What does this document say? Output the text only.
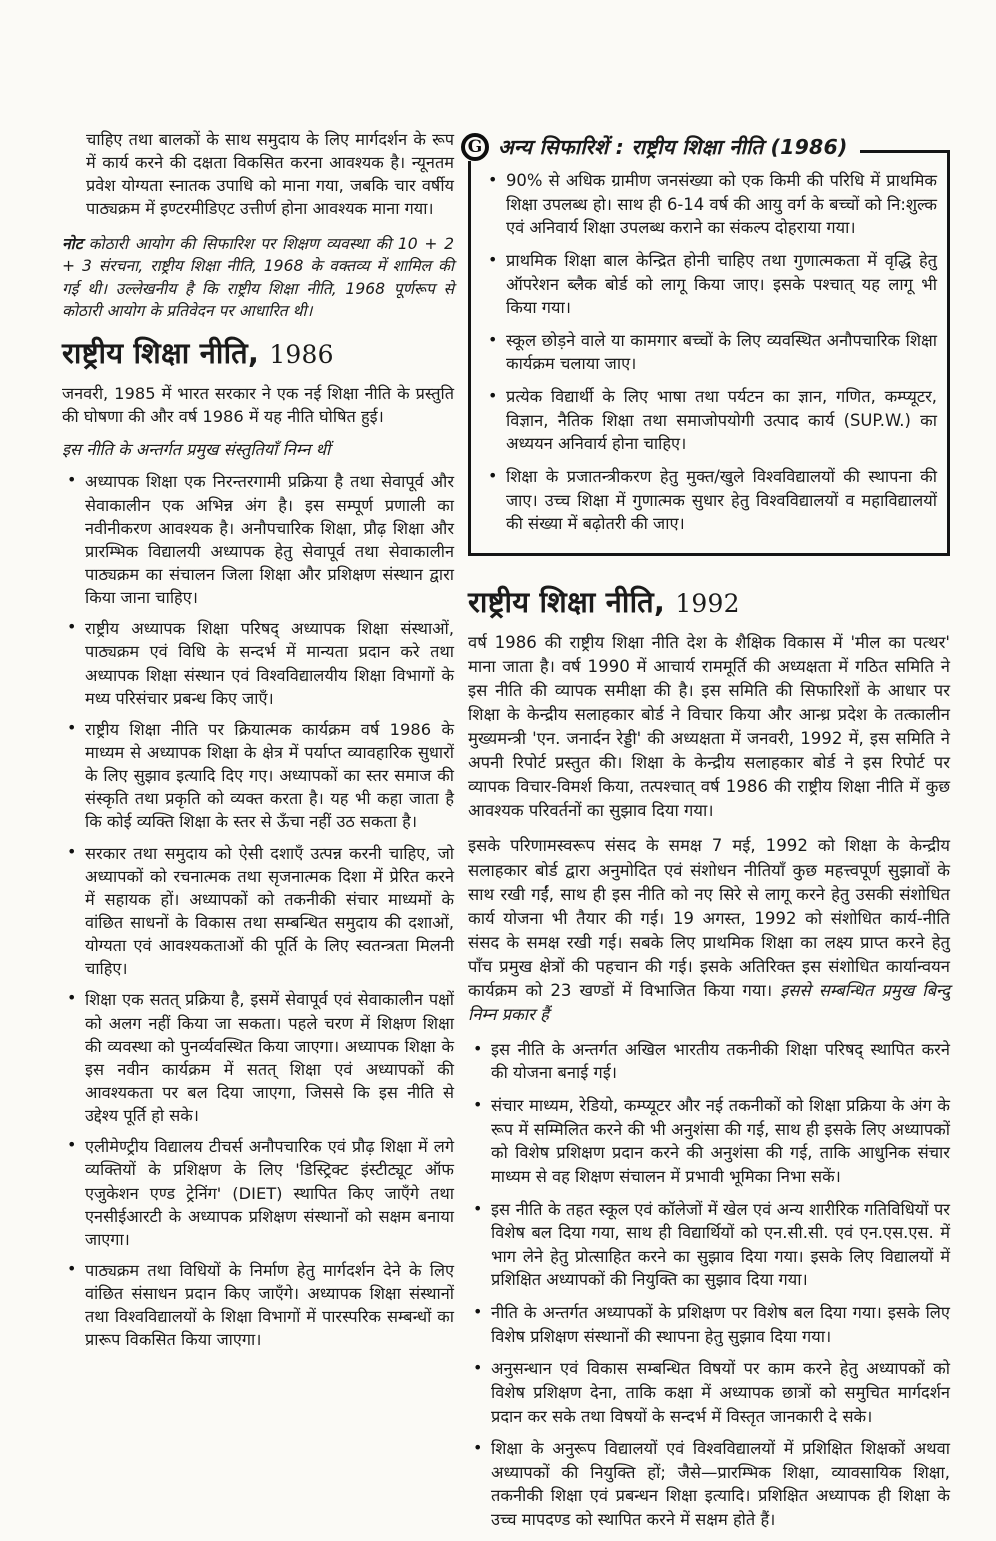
चाहिए तथा बालकों के साथ समुदाय के लिए मार्गदर्शन के रूप में कार्य करने की दक्षता विकसित करना आवश्यक है। न्यूनतम प्रवेश योग्यता स्नातक उपाधि को माना गया, जबकि चार वर्षीय पाठ्यक्रम में इण्टरमीडिएट उत्तीर्ण होना आवश्यक माना गया।

नोट कोठारी आयोग की सिफारिश पर शिक्षण व्यवस्था की 10 + 2 + 3 संरचना, राष्ट्रीय शिक्षा नीति, 1968 के वक्तव्य में शामिल की गई थी। उल्लेखनीय है कि राष्ट्रीय शिक्षा नीति, 1968 पूर्णरूप से कोठारी आयोग के प्रतिवेदन पर आधारित थी।

राष्ट्रीय शिक्षा नीति, 1986

जनवरी, 1985 में भारत सरकार ने एक नई शिक्षा नीति के प्रस्तुति की घोषणा की और वर्ष 1986 में यह नीति घोषित हुई।

इस नीति के अन्तर्गत प्रमुख संस्तुतियाँ निम्न थीं

• अध्यापक शिक्षा एक निरन्तरगामी प्रक्रिया है तथा सेवापूर्व और सेवाकालीन एक अभिन्न अंग है। इस सम्पूर्ण प्रणाली का नवीनीकरण आवश्यक है। अनौपचारिक शिक्षा, प्रौढ़ शिक्षा और प्रारम्भिक विद्यालयी अध्यापक हेतु सेवापूर्व तथा सेवाकालीन पाठ्यक्रम का संचालन जिला शिक्षा और प्रशिक्षण संस्थान द्वारा किया जाना चाहिए।
• राष्ट्रीय अध्यापक शिक्षा परिषद् अध्यापक शिक्षा संस्थाओं, पाठ्यक्रम एवं विधि के सन्दर्भ में मान्यता प्रदान करे तथा अध्यापक शिक्षा संस्थान एवं विश्वविद्यालयीय शिक्षा विभागों के मध्य परिसंचार प्रबन्ध किए जाएँ।
• राष्ट्रीय शिक्षा नीति पर क्रियात्मक कार्यक्रम वर्ष 1986 के माध्यम से अध्यापक शिक्षा के क्षेत्र में पर्याप्त व्यावहारिक सुधारों के लिए सुझाव इत्यादि दिए गए। अध्यापकों का स्तर समाज की संस्कृति तथा प्रकृति को व्यक्त करता है। यह भी कहा जाता है कि कोई व्यक्ति शिक्षा के स्तर से ऊँचा नहीं उठ सकता है।
• सरकार तथा समुदाय को ऐसी दशाएँ उत्पन्न करनी चाहिए, जो अध्यापकों को रचनात्मक तथा सृजनात्मक दिशा में प्रेरित करने में सहायक हों। अध्यापकों को तकनीकी संचार माध्यमों के वांछित साधनों के विकास तथा सम्बन्धित समुदाय की दशाओं, योग्यता एवं आवश्यकताओं की पूर्ति के लिए स्वतन्त्रता मिलनी चाहिए।
• शिक्षा एक सतत् प्रक्रिया है, इसमें सेवापूर्व एवं सेवाकालीन पक्षों को अलग नहीं किया जा सकता। पहले चरण में शिक्षण शिक्षा की व्यवस्था को पुनर्व्यवस्थित किया जाएगा। अध्यापक शिक्षा के इस नवीन कार्यक्रम में सतत् शिक्षा एवं अध्यापकों की आवश्यकता पर बल दिया जाएगा, जिससे कि इस नीति से उद्देश्य पूर्ति हो सके।
• एलीमेण्ट्रीय विद्यालय टीचर्स अनौपचारिक एवं प्रौढ़ शिक्षा में लगे व्यक्तियों के प्रशिक्षण के लिए 'डिस्ट्रिक्ट इंस्टीट्यूट ऑफ एजुकेशन एण्ड ट्रेनिंग' (DIET) स्थापित किए जाएँगे तथा एनसीईआरटी के अध्यापक प्रशिक्षण संस्थानों को सक्षम बनाया जाएगा।
• पाठ्यक्रम तथा विधियों के निर्माण हेतु मार्गदर्शन देने के लिए वांछित संसाधन प्रदान किए जाएँगे। अध्यापक शिक्षा संस्थानों तथा विश्वविद्यालयों के शिक्षा विभागों में पारस्परिक सम्बन्धों का प्रारूप विकसित किया जाएगा।
G अन्य सिफारिशें : राष्ट्रीय शिक्षा नीति (1986)
• 90% से अधिक ग्रामीण जनसंख्या को एक किमी की परिधि में प्राथमिक शिक्षा उपलब्ध हो। साथ ही 6-14 वर्ष की आयु वर्ग के बच्चों को नि:शुल्क एवं अनिवार्य शिक्षा उपलब्ध कराने का संकल्प दोहराया गया।
• प्राथमिक शिक्षा बाल केन्द्रित होनी चाहिए तथा गुणात्मकता में वृद्धि हेतु ऑपरेशन ब्लैक बोर्ड को लागू किया जाए। इसके पश्चात् यह लागू भी किया गया।
• स्कूल छोड़ने वाले या कामगार बच्चों के लिए व्यवस्थित अनौपचारिक शिक्षा कार्यक्रम चलाया जाए।
• प्रत्येक विद्यार्थी के लिए भाषा तथा पर्यटन का ज्ञान, गणित, कम्प्यूटर, विज्ञान, नैतिक शिक्षा तथा समाजोपयोगी उत्पाद कार्य (SUP.W.) का अध्ययन अनिवार्य होना चाहिए।
• शिक्षा के प्रजातन्त्रीकरण हेतु मुक्त/खुले विश्वविद्यालयों की स्थापना की जाए। उच्च शिक्षा में गुणात्मक सुधार हेतु विश्वविद्यालयों व महाविद्यालयों की संख्या में बढ़ोतरी की जाए।
राष्ट्रीय शिक्षा नीति, 1992

वर्ष 1986 की राष्ट्रीय शिक्षा नीति देश के शैक्षिक विकास में 'मील का पत्थर' माना जाता है। वर्ष 1990 में आचार्य राममूर्ति की अध्यक्षता में गठित समिति ने इस नीति की व्यापक समीक्षा की है। इस समिति की सिफारिशों के आधार पर शिक्षा के केन्द्रीय सलाहकार बोर्ड ने विचार किया और आन्ध्र प्रदेश के तत्कालीन मुख्यमन्त्री 'एन. जनार्दन रेड्डी' की अध्यक्षता में जनवरी, 1992 में, इस समिति ने अपनी रिपोर्ट प्रस्तुत की। शिक्षा के केन्द्रीय सलाहकार बोर्ड ने इस रिपोर्ट पर व्यापक विचार-विमर्श किया, तत्पश्चात् वर्ष 1986 की राष्ट्रीय शिक्षा नीति में कुछ आवश्यक परिवर्तनों का सुझाव दिया गया।

इसके परिणामस्वरूप संसद के समक्ष 7 मई, 1992 को शिक्षा के केन्द्रीय सलाहकार बोर्ड द्वारा अनुमोदित एवं संशोधन नीतियाँ कुछ महत्त्वपूर्ण सुझावों के साथ रखी गईं, साथ ही इस नीति को नए सिरे से लागू करने हेतु उसकी संशोधित कार्य योजना भी तैयार की गई। 19 अगस्त, 1992 को संशोधित कार्य-नीति संसद के समक्ष रखी गई। सबके लिए प्राथमिक शिक्षा का लक्ष्य प्राप्त करने हेतु पाँच प्रमुख क्षेत्रों की पहचान की गई। इसके अतिरिक्त इस संशोधित कार्यान्वयन कार्यक्रम को 23 खण्डों में विभाजित किया गया। इससे सम्बन्धित प्रमुख बिन्दु निम्न प्रकार हैं

• इस नीति के अन्तर्गत अखिल भारतीय तकनीकी शिक्षा परिषद् स्थापित करने की योजना बनाई गई।
• संचार माध्यम, रेडियो, कम्प्यूटर और नई तकनीकों को शिक्षा प्रक्रिया के अंग के रूप में सम्मिलित करने की भी अनुशंसा की गई, साथ ही इसके लिए अध्यापकों को विशेष प्रशिक्षण प्रदान करने की अनुशंसा की गई, ताकि आधुनिक संचार माध्यम से वह शिक्षण संचालन में प्रभावी भूमिका निभा सकें।
• इस नीति के तहत स्कूल एवं कॉलेजों में खेल एवं अन्य शारीरिक गतिविधियों पर विशेष बल दिया गया, साथ ही विद्यार्थियों को एन.सी.सी. एवं एन.एस.एस. में भाग लेने हेतु प्रोत्साहित करने का सुझाव दिया गया। इसके लिए विद्यालयों में प्रशिक्षित अध्यापकों की नियुक्ति का सुझाव दिया गया।
• नीति के अन्तर्गत अध्यापकों के प्रशिक्षण पर विशेष बल दिया गया। इसके लिए विशेष प्रशिक्षण संस्थानों की स्थापना हेतु सुझाव दिया गया।
• अनुसन्धान एवं विकास सम्बन्धित विषयों पर काम करने हेतु अध्यापकों को विशेष प्रशिक्षण देना, ताकि कक्षा में अध्यापक छात्रों को समुचित मार्गदर्शन प्रदान कर सके तथा विषयों के सन्दर्भ में विस्तृत जानकारी दे सके।
• शिक्षा के अनुरूप विद्यालयों एवं विश्वविद्यालयों में प्रशिक्षित शिक्षकों अथवा अध्यापकों की नियुक्ति हों; जैसे—प्रारम्भिक शिक्षा, व्यावसायिक शिक्षा, तकनीकी शिक्षा एवं प्रबन्धन शिक्षा इत्यादि। प्रशिक्षित अध्यापक ही शिक्षा के उच्च मापदण्ड को स्थापित करने में सक्षम होते हैं।
